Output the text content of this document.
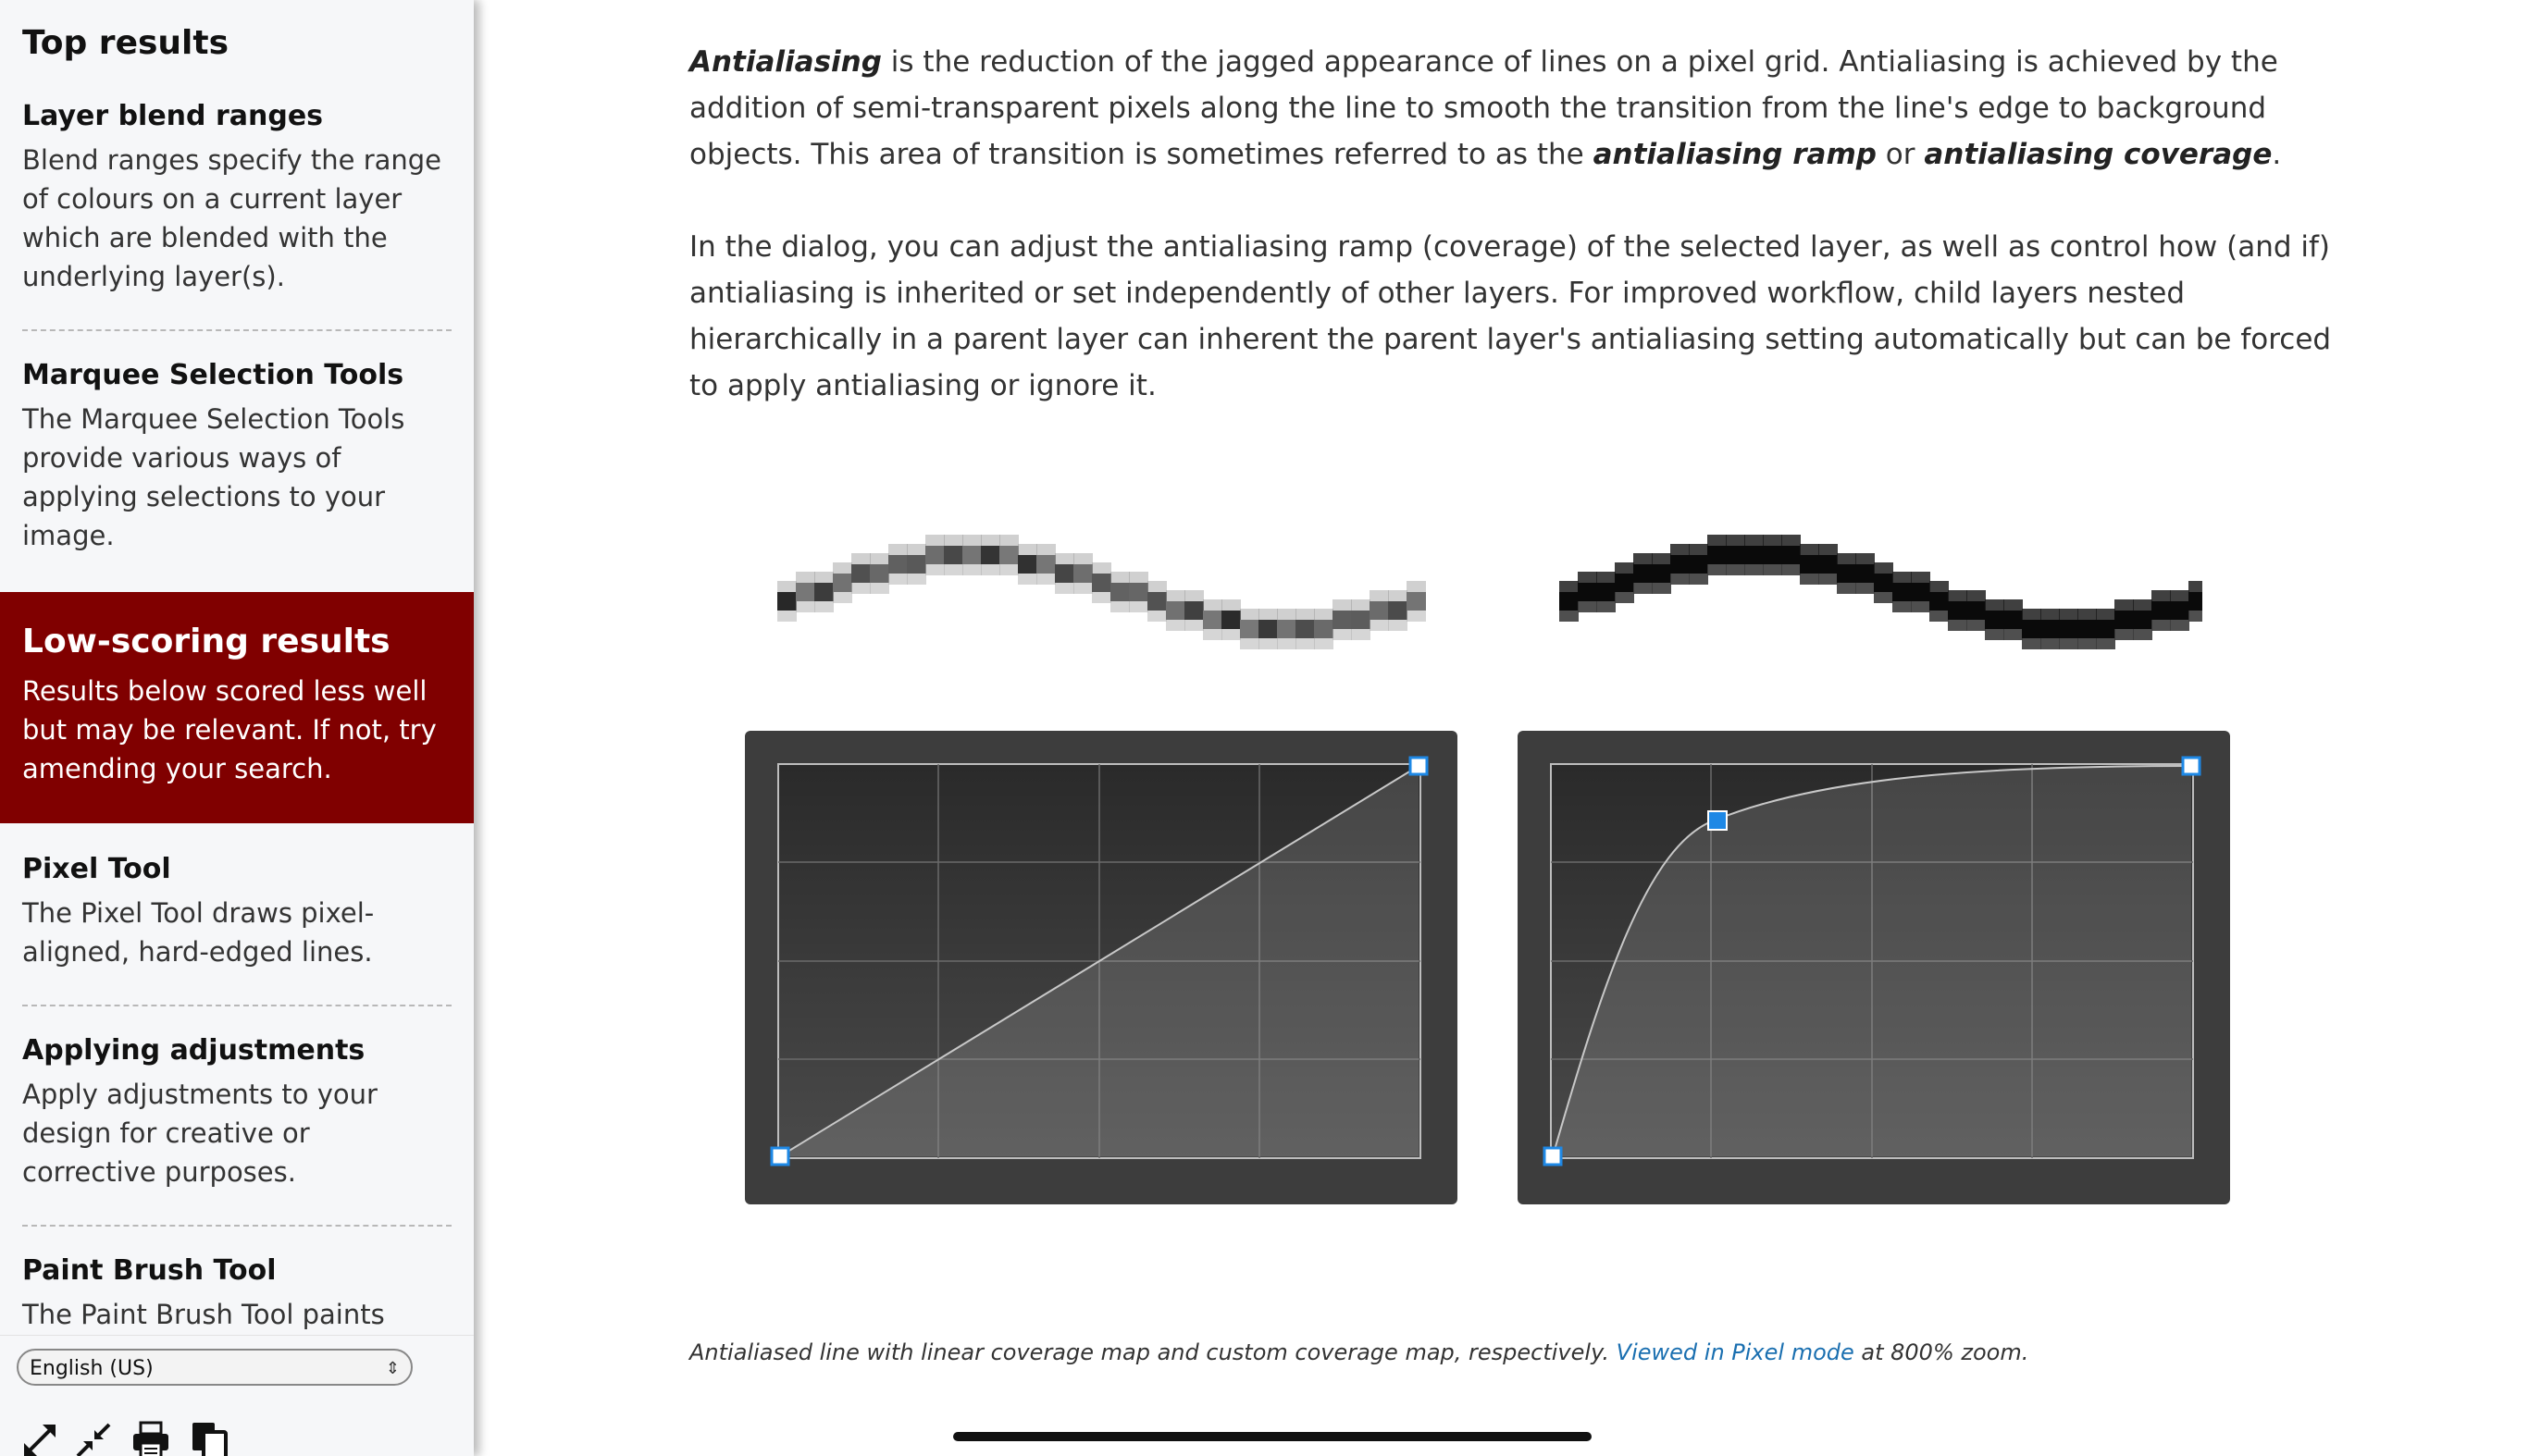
Top results
Layer blend ranges
Blend ranges specify the range of colours on a current layer which are blended with the underlying layer(s).
Marquee Selection Tools
The Marquee Selection Tools provide various ways of applying selections to your image.
Low-scoring results
Results below scored less well but may be relevant. If not, try amending your search.
Pixel Tool
The Pixel Tool draws pixel-aligned, hard-edged lines.
Applying adjustments
Apply adjustments to your design for creative or corrective purposes.
Paint Brush Tool
The Paint Brush Tool paints
English (US)	⇕

Antialiasing is the reduction of the jagged appearance of lines on a pixel grid. Antialiasing is achieved by the addition of semi-transparent pixels along the line to smooth the transition from the line's edge to background objects. This area of transition is sometimes referred to as the antialiasing ramp or antialiasing coverage.

In the dialog, you can adjust the antialiasing ramp (coverage) of the selected layer, as well as control how (and if) antialiasing is inherited or set independently of other layers. For improved workflow, child layers nested hierarchically in a parent layer can inherent the parent layer's antialiasing setting automatically but can be forced to apply antialiasing or ignore it.

Antialiased line with linear coverage map and custom coverage map, respectively. Viewed in Pixel mode at 800% zoom.
